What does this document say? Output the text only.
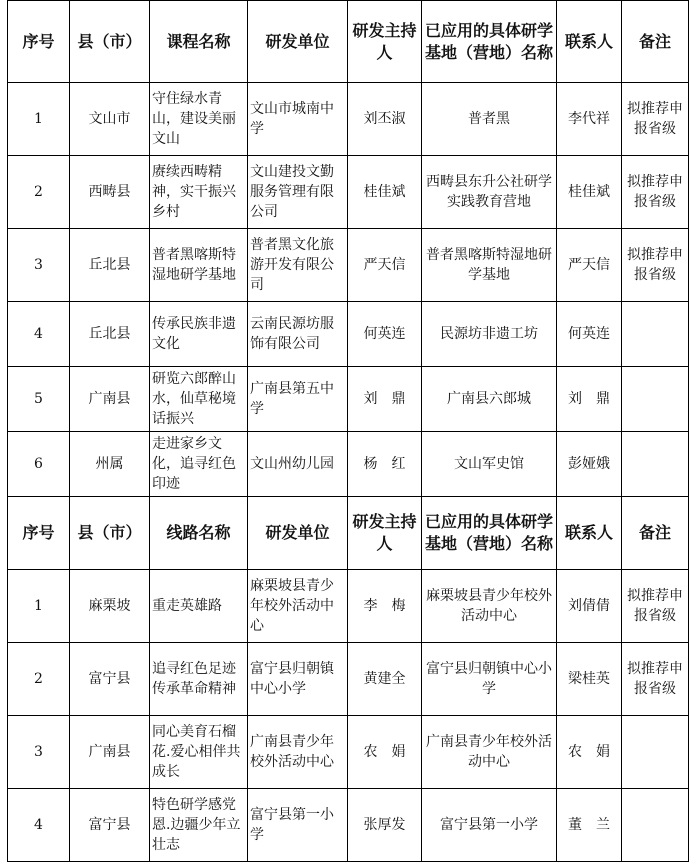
序号	县（市）	课程名称	研发单位	研发主持人	已应用的具体研学基地（营地）名称	联系人	备注
1	文山市	守住绿水青山，建设美丽文山	文山市城南中学	刘丕淑	普者黑	李代祥	拟推荐申报省级
2	西畴县	赓续西畴精神，实干振兴乡村	文山建投文勤服务管理有限公司	桂佳斌	西畴县东升公社研学实践教育营地	桂佳斌	拟推荐申报省级
3	丘北县	普者黑喀斯特湿地研学基地	普者黑文化旅游开发有限公司	严天信	普者黑喀斯特湿地研学基地	严天信	拟推荐申报省级
4	丘北县	传承民族非遗文化	云南民源坊服饰有限公司	何英连	民源坊非遗工坊	何英连	
5	广南县	研览六郎醉山水，仙草秘境话振兴	广南县第五中学	刘　鼎	广南县六郎城	刘　鼎	
6	州属	走进家乡文化，追寻红色印迹	文山州幼儿园	杨　红	文山军史馆	彭娅娥	
序号	县（市）	线路名称	研发单位	研发主持人	已应用的具体研学基地（营地）名称	联系人	备注
1	麻栗坡	重走英雄路	麻栗坡县青少年校外活动中心	李　梅	麻栗坡县青少年校外活动中心	刘倩倩	拟推荐申报省级
2	富宁县	追寻红色足迹 传承革命精神	富宁县归朝镇中心小学	黄建全	富宁县归朝镇中心小学	梁桂英	拟推荐申报省级
3	广南县	同心美育石榴花.爱心相伴共成长	广南县青少年校外活动中心	农　娟	广南县青少年校外活动中心	农　娟	
4	富宁县	特色研学感党恩.边疆少年立壮志	富宁县第一小学	张厚发	富宁县第一小学	董　兰	
